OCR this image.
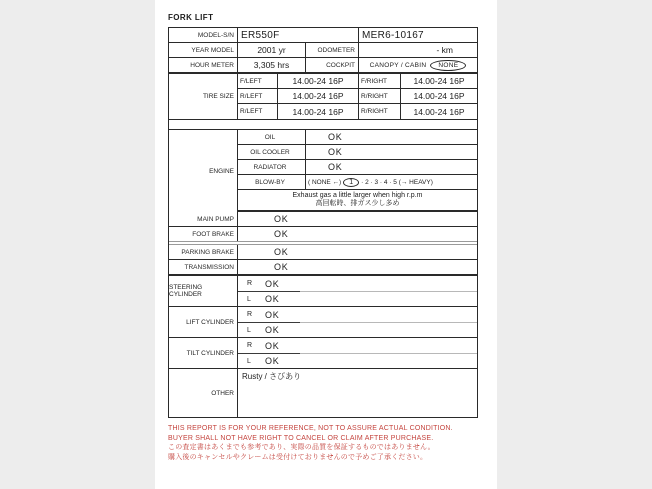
FORK LIFT
MODEL-S/N ER550F	MER6-10167
YEAR MODEL	2001 yr	ODOMETER	- km
HOUR METER	3,305 hrs	COCKPIT	CANOPY / CABIN	NONE
TIRE SIZE
F/LEFT	14.00-24 16P	F/RIGHT	14.00-24 16P
R/LEFT	14.00-24 16P	R/RIGHT	14.00-24 16P
R/LEFT	14.00-24 16P	R/RIGHT	14.00-24 16P
ENGINE
OIL	OK
OIL COOLER	OK
RADIATOR	OK
BLOW-BY	( NONE ←)	1	· 2 · 3 · 4 · 5 (→ HEAVY)
Exhaust gas a little larger when high r.p.m
高回転時、排ガス少し多め
MAIN PUMP	OK
FOOT BRAKE	OK
PARKING BRAKE	OK
TRANSMISSION	OK
STEERING CYLINDER
R	OK
L	OK
LIFT CYLINDER
R	OK
L	OK
TILT CYLINDER
R	OK
L	OK
OTHER
Rusty / さびあり
THIS REPORT IS FOR YOUR REFERENCE, NOT TO ASSURE ACTUAL CONDITION.
BUYER SHALL NOT HAVE RIGHT TO CANCEL OR CLAIM AFTER PURCHASE.
この査定書はあくまでも参考であり、実際の品質を保証するものではありません。
購入後のキャンセルやクレームは受付けておりませんので予めご了承ください。
